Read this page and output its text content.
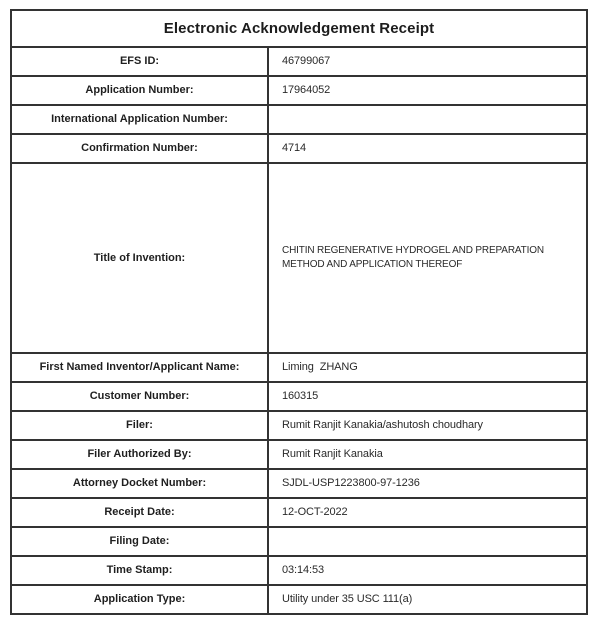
Electronic Acknowledgement Receipt
EFS ID:	46799067
Application Number:	17964052
International Application Number:
Confirmation Number:	4714
Title of Invention:
CHITIN REGENERATIVE HYDROGEL AND PREPARATION METHOD AND APPLICATION THEREOF
First Named Inventor/Applicant Name:	Liming  ZHANG
Customer Number:	160315
Filer:	Rumit Ranjit Kanakia/ashutosh choudhary
Filer Authorized By:	Rumit Ranjit Kanakia
Attorney Docket Number:	SJDL-USP1223800-97-1236
Receipt Date:	12-OCT-2022
Filing Date:
Time Stamp:	03:14:53
Application Type:	Utility under 35 USC 111(a)
